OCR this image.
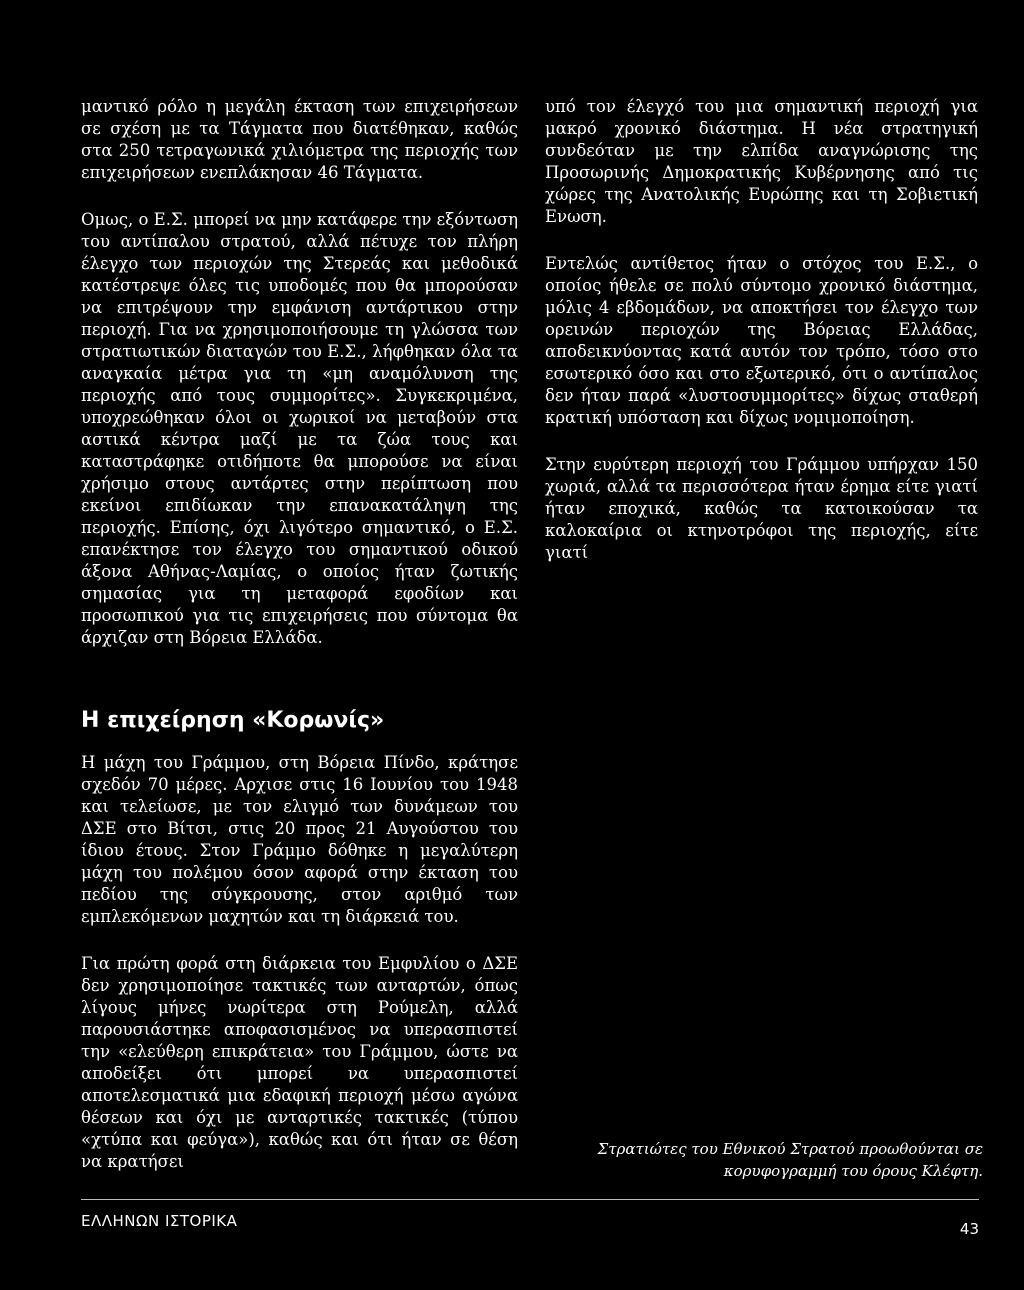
μαντικό ρόλο η μεγάλη έκταση των επιχειρήσεων σε σχέση με τα Τάγματα που διατέθηκαν, καθώς στα 250 τετραγωνικά χιλιόμετρα της περιοχής των επιχειρήσεων ενεπλάκησαν 46 Τάγματα.

Ομως, ο Ε.Σ. μπορεί να μην κατάφερε την εξόντωση του αντίπαλου στρατού, αλλά πέτυχε τον πλήρη έλεγχο των περιοχών της Στερεάς και μεθοδικά κατέστρεψε όλες τις υποδομές που θα μπορούσαν να επιτρέψουν την εμφάνιση αντάρτικου στην περιοχή. Για να χρησιμοποιήσουμε τη γλώσσα των στρατιωτικών διαταγών του Ε.Σ., λήφθηκαν όλα τα αναγκαία μέτρα για τη «μη αναμόλυνση της περιοχής από τους συμμορίτες». Συγκεκριμένα, υποχρεώθηκαν όλοι οι χωρικοί να μεταβούν στα αστικά κέντρα μαζί με τα ζώα τους και καταστράφηκε οτιδήποτε θα μπορούσε να είναι χρήσιμο στους αντάρτες στην περίπτωση που εκείνοι επιδίωκαν την επανακατάληψη της περιοχής. Επίσης, όχι λιγότερο σημαντικό, ο Ε.Σ. επανέκτησε τον έλεγχο του σημαντικού οδικού άξονα Αθήνας-Λαμίας, ο οποίος ήταν ζωτικής σημασίας για τη μεταφορά εφοδίων και προσωπικού για τις επιχειρήσεις που σύντομα θα άρχιζαν στη Βόρεια Ελλάδα.

Η επιχείρηση «Κορωνίς»

Η μάχη του Γράμμου, στη Βόρεια Πίνδο, κράτησε σχεδόν 70 μέρες. Αρχισε στις 16 Ιουνίου του 1948 και τελείωσε, με τον ελιγμό των δυνάμεων του ΔΣΕ στο Βίτσι, στις 20 προς 21 Αυγούστου του ίδιου έτους. Στον Γράμμο δόθηκε η μεγαλύτερη μάχη του πολέμου όσον αφορά στην έκταση του πεδίου της σύγκρουσης, στον αριθμό των εμπλεκόμενων μαχητών και τη διάρκειά του.

Για πρώτη φορά στη διάρκεια του Εμφυλίου ο ΔΣΕ δεν χρησιμοποίησε τακτικές των ανταρτών, όπως λίγους μήνες νωρίτερα στη Ρούμελη, αλλά παρουσιάστηκε αποφασισμένος να υπερασπιστεί την «ελεύθερη επικράτεια» του Γράμμου, ώστε να αποδείξει ότι μπορεί να υπερασπιστεί αποτελεσματικά μια εδαφική περιοχή μέσω αγώνα θέσεων και όχι με ανταρτικές τακτικές (τύπου «χτύπα και φεύγα»), καθώς και ότι ήταν σε θέση να κρατήσει

υπό τον έλεγχό του μια σημαντική περιοχή για μακρό χρονικό διάστημα. Η νέα στρατηγική συνδεόταν με την ελπίδα αναγνώρισης της Προσωρινής Δημοκρατικής Κυβέρνησης από τις χώρες της Ανατολικής Ευρώπης και τη Σοβιετική Ενωση.

Εντελώς αντίθετος ήταν ο στόχος του Ε.Σ., ο οποίος ήθελε σε πολύ σύντομο χρονικό διάστημα, μόλις 4 εβδομάδων, να αποκτήσει τον έλεγχο των ορεινών περιοχών της Βόρειας Ελλάδας, αποδεικνύοντας κατά αυτόν τον τρόπο, τόσο στο εσωτερικό όσο και στο εξωτερικό, ότι ο αντίπαλος δεν ήταν παρά «λυστοσυμμορίτες» δίχως σταθερή κρατική υπόσταση και δίχως νομιμοποίηση.

Στην ευρύτερη περιοχή του Γράμμου υπήρχαν 150 χωριά, αλλά τα περισσότερα ήταν έρημα είτε γιατί ήταν εποχικά, καθώς τα κατοικούσαν τα καλοκαίρια οι κτηνοτρόφοι της περιοχής, είτε γιατί

Στρατιώτες του Εθνικού Στρατού προωθούνται σε κορυφογραμμή του όρους Κλέφτη.
ΕΛΛΗΝΩΝ ΙΣΤΟΡΙΚΑ	43
